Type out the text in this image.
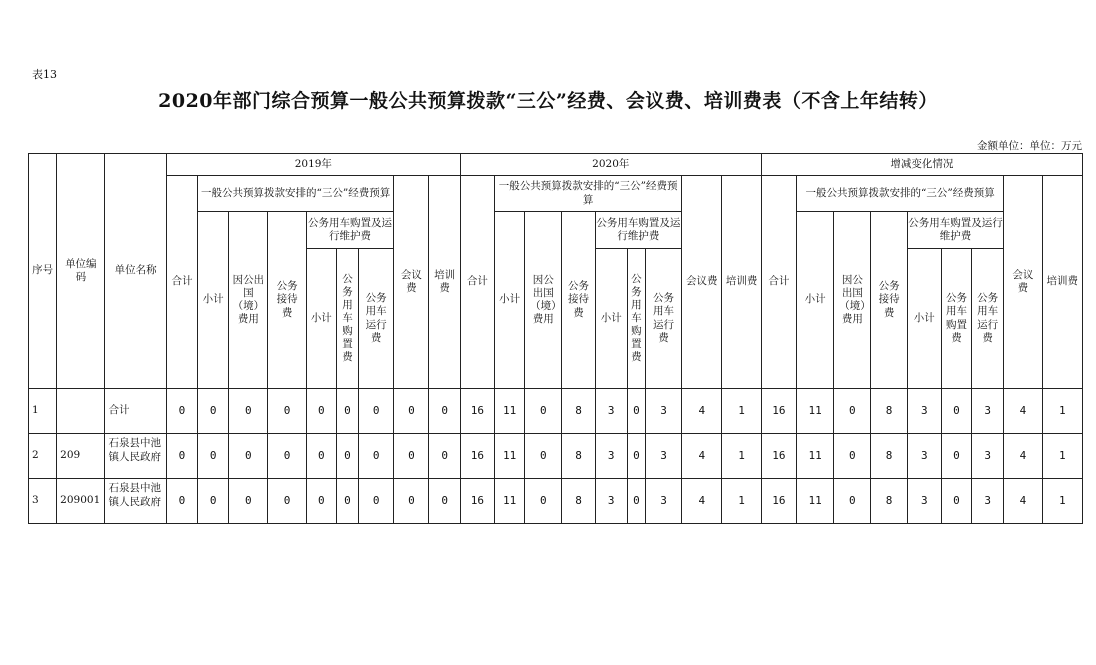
表13
2020年部门综合预算一般公共预算拨款“三公”经费、会议费、培训费表（不含上年结转）
金额单位：单位：万元
序号	单位编码	单位名称	2019年									2020年									增减变化情况								
			合计	一般公共预算拨款安排的“三公”经费预算						会议费	培训费	合计	一般公共预算拨款安排的“三公”经费预算						会议费	培训费	合计	一般公共预算拨款安排的“三公”经费预算						会议费	培训费
				小计	因公出国（境）费用	公务接待费	公务用车购置及运行维护费						小计	因公出国（境）费用	公务接待费	公务用车购置及运行维护费						小计	因公出国（境）费用	公务接待费	公务用车购置及运行维护费				
							小计	公务用车购置费	公务用车运行费							小计	公务用车购置费	公务用车运行费							小计	公务用车购置费	公务用车运行费		
1		合计	0	0	0	0	0	0	0	0	0	16	11	0	8	3	0	3	4	1	16	11	0	8	3	0	3	4	1
2	209	石泉县中池镇人民政府	0	0	0	0	0	0	0	0	0	16	11	0	8	3	0	3	4	1	16	11	0	8	3	0	3	4	1
3	209001	石泉县中池镇人民政府	0	0	0	0	0	0	0	0	0	16	11	0	8	3	0	3	4	1	16	11	0	8	3	0	3	4	1
